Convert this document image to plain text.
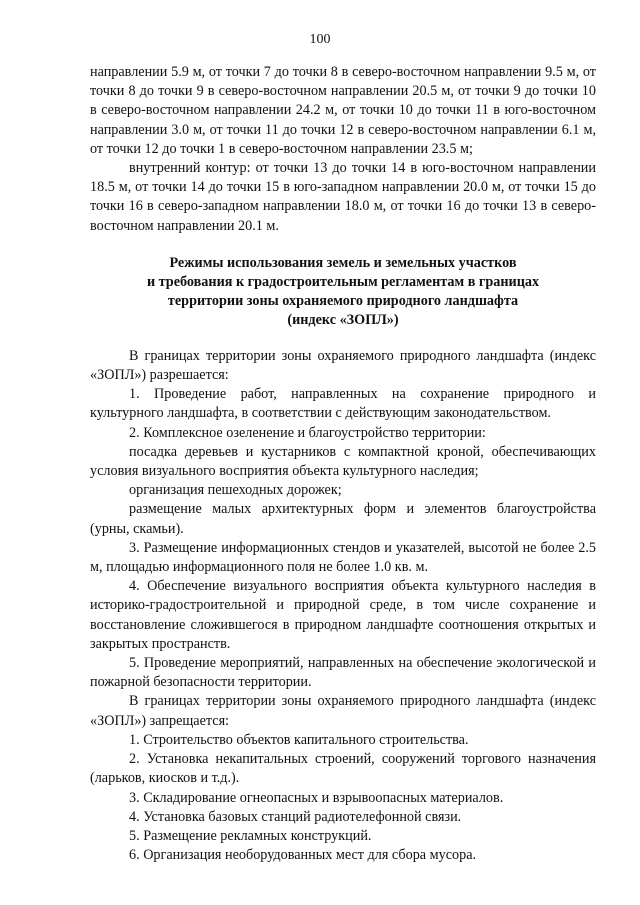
100

направлении 5.9 м, от точки 7 до точки 8 в северо-восточном направлении 9.5 м, от точки 8 до точки 9 в северо-восточном направлении 20.5 м, от точки 9 до точки 10 в северо-восточном направлении 24.2 м, от точки 10 до точки 11 в юго-восточном направлении 3.0 м, от точки 11 до точки 12 в северо-восточном направлении 6.1 м, от точки 12 до точки 1 в северо-восточном направлении 23.5 м;

внутренний контур: от точки 13 до точки 14 в юго-восточном направлении 18.5 м, от точки 14 до точки 15 в юго-западном направлении 20.0 м, от точки 15 до точки 16 в северо-западном направлении 18.0 м, от точки 16 до точки 13 в северо-восточном направлении 20.1 м.

Режимы использования земель и земельных участков
и требования к градостроительным регламентам в границах
территории зоны охраняемого природного ландшафта
(индекс «ЗОПЛ»)

В границах территории зоны охраняемого природного ландшафта (индекс «ЗОПЛ») разрешается:

1. Проведение работ, направленных на сохранение природного и культурного ландшафта, в соответствии с действующим законодательством.

2. Комплексное озеленение и благоустройство территории:

посадка деревьев и кустарников с компактной кроной, обеспечивающих условия визуального восприятия объекта культурного наследия;

организация пешеходных дорожек;

размещение малых архитектурных форм и элементов благоустройства (урны, скамьи).

3. Размещение информационных стендов и указателей, высотой не более 2.5 м, площадью информационного поля не более 1.0 кв. м.

4. Обеспечение визуального восприятия объекта культурного наследия в историко-градостроительной и природной среде, в том числе сохранение и восстановление сложившегося в природном ландшафте соотношения открытых и закрытых пространств.

5. Проведение мероприятий, направленных на обеспечение экологической и пожарной безопасности территории.

В границах территории зоны охраняемого природного ландшафта (индекс «ЗОПЛ») запрещается:

1. Строительство объектов капитального строительства.

2. Установка некапитальных строений, сооружений торгового назначения (ларьков, киосков и т.д.).

3. Складирование огнеопасных и взрывоопасных материалов.

4. Установка базовых станций радиотелефонной связи.

5. Размещение рекламных конструкций.

6. Организация необорудованных мест для сбора мусора.
